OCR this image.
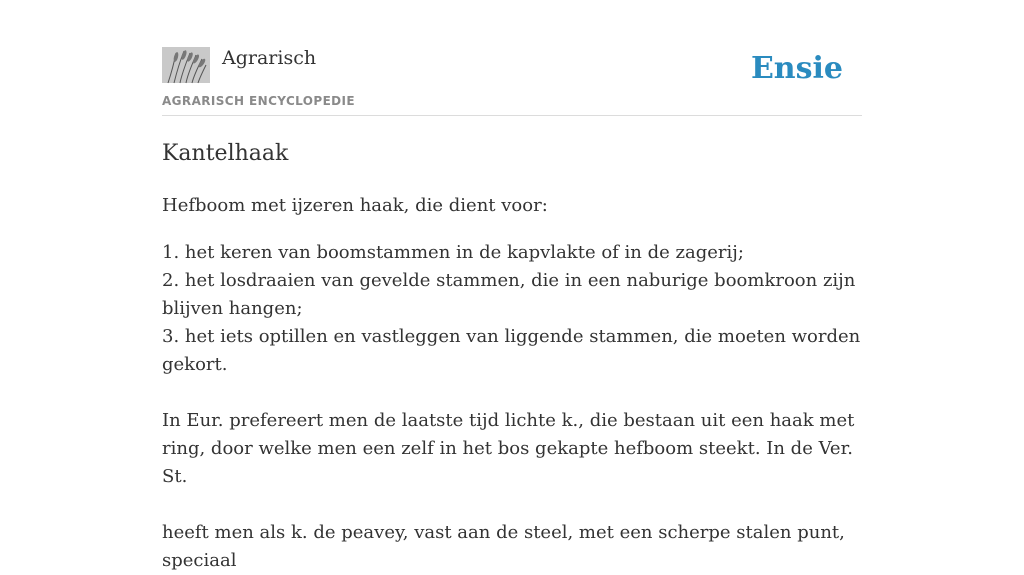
Agrarisch
AGRARISCH ENCYCLOPEDIE
Ensie
Kantelhaak

Hefboom met ijzeren haak, die dient voor:

1. het keren van boomstammen in de kapvlakte of in de zagerij;
2. het losdraaien van gevelde stammen, die in een naburige boomkroon zijn blijven hangen;
3. het iets optillen en vastleggen van liggende stammen, die moeten worden gekort.

In Eur. prefereert men de laatste tijd lichte k., die bestaan uit een haak met ring, door welke men een zelf in het bos gekapte hefboom steekt. In de Ver. St.

heeft men als k. de peavey, vast aan de steel, met een scherpe stalen punt, speciaal
